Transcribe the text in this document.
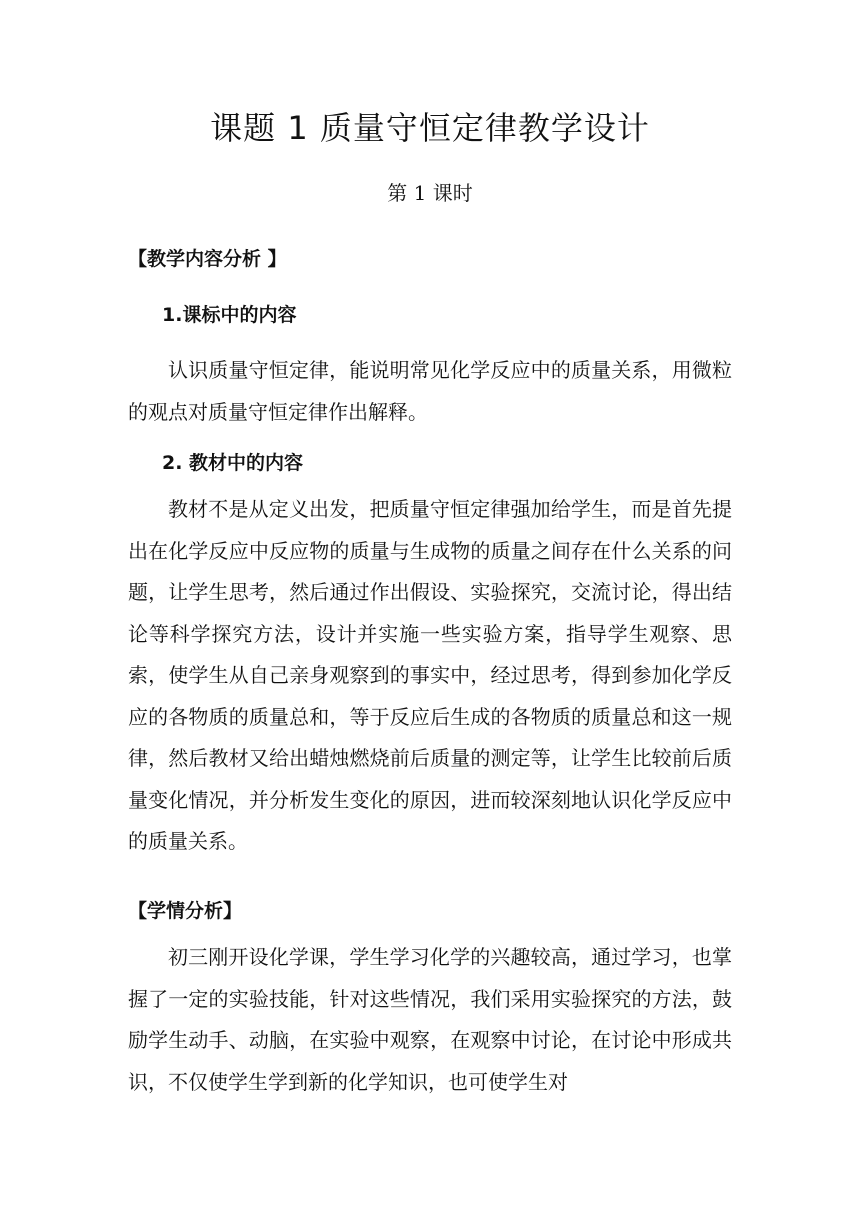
课题 1 质量守恒定律教学设计

第 1 课时

【教学内容分析 】

1.课标中的内容

认识质量守恒定律，能说明常见化学反应中的质量关系，用微粒的观点对质量守恒定律作出解释。

2. 教材中的内容

教材不是从定义出发，把质量守恒定律强加给学生，而是首先提出在化学反应中反应物的质量与生成物的质量之间存在什么关系的问题，让学生思考，然后通过作出假设、实验探究，交流讨论，得出结论等科学探究方法，设计并实施一些实验方案，指导学生观察、思索，使学生从自己亲身观察到的事实中，经过思考，得到参加化学反应的各物质的质量总和，等于反应后生成的各物质的质量总和这一规律，然后教材又给出蜡烛燃烧前后质量的测定等，让学生比较前后质量变化情况，并分析发生变化的原因，进而较深刻地认识化学反应中的质量关系。

【学情分析】

初三刚开设化学课，学生学习化学的兴趣较高，通过学习，也掌握了一定的实验技能，针对这些情况，我们采用实验探究的方法，鼓励学生动手、动脑，在实验中观察，在观察中讨论，在讨论中形成共识，不仅使学生学到新的化学知识，也可使学生对
